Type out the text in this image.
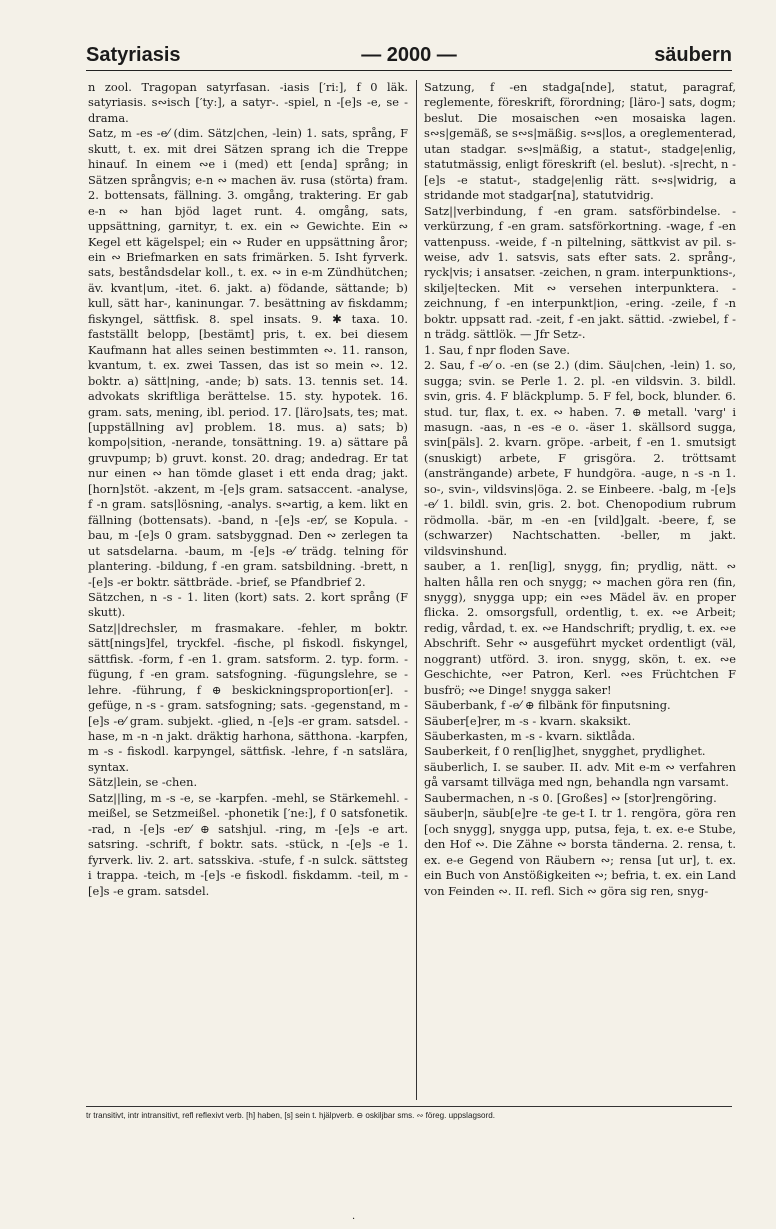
Satyriasis	— 2000 —	säubern

n zool. Tragopan satyrfasan. -iasis [′ri:], f 0 läk. satyriasis. s∾isch [′ty:], a satyr-. -spiel, n -[e]s -e, se -drama.

Satz, m -es -e⁄ (dim. Sätz|chen, -lein) 1. sats, språng, F skutt, t. ex. mit drei Sätzen sprang ich die Treppe hinauf. In einem ∾e i (med) ett [enda] språng; in Sätzen språngvis; e-n ∾ machen äv. rusa (störta) fram. 2. bottensats, fällning. 3. omgång, traktering. Er gab e-n ∾ han bjöd laget runt. 4. omgång, sats, uppsättning, garnityr, t. ex. ein ∾ Gewichte. Ein ∾ Kegel ett kägelspel; ein ∾ Ruder en uppsättning åror; ein ∾ Briefmarken en sats frimärken. 5. Isht fyrverk. sats, beståndsdelar koll., t. ex. ∾ in e-m Zündhütchen; äv. kvant|um, -itet. 6. jakt. a) födande, sättande; b) kull, sätt har-, kaninungar. 7. besättning av fiskdamm; fiskyngel, sättfisk. 8. spel insats. 9. ✱ taxa. 10. fastställt belopp, [bestämt] pris, t. ex. bei diesem Kaufmann hat alles seinen bestimmten ∾. 11. ranson, kvantum, t. ex. zwei Tassen, das ist so mein ∾. 12. boktr. a) sätt|ning, -ande; b) sats. 13. tennis set. 14. advokats skriftliga berättelse. 15. sty. hypotek. 16. gram. sats, mening, ibl. period. 17. [läro]sats, tes; mat. [uppställning av] problem. 18. mus. a) sats; b) kompo|sition, -nerande, tonsättning. 19. a) sättare på gruvpump; b) gruvt. konst. 20. drag; andedrag. Er tat nur einen ∾ han tömde glaset i ett enda drag; jakt. [horn]stöt. -akzent, m -[e]s gram. satsaccent. -analyse, f -n gram. sats|lösning, -analys. s∾artig, a kem. likt en fällning (bottensats). -band, n -[e]s -er⁄, se Kopula. -bau, m -[e]s 0 gram. satsbyggnad. Den ∾ zerlegen ta ut satsdelarna. -baum, m -[e]s -e⁄ trädg. telning för plantering. -bildung, f -en gram. satsbildning. -brett, n -[e]s -er boktr. sättbräde. -brief, se Pfandbrief 2.

Sätzchen, n -s - 1. liten (kort) sats. 2. kort språng (F skutt).

Satz||drechsler, m frasmakare. -fehler, m boktr. sätt[nings]fel, tryckfel. -fische, pl fiskodl. fiskyngel, sättfisk. -form, f -en 1. gram. satsform. 2. typ. form. -fügung, f -en gram. satsfogning. -fügungslehre, se -lehre. -führung, f ⊕ beskickningsproportion[er]. -gefüge, n -s - gram. satsfogning; sats. -gegenstand, m -[e]s -e⁄ gram. subjekt. -glied, n -[e]s -er gram. satsdel. -hase, m -n -n jakt. dräktig harhona, sätthona. -karpfen, m -s - fiskodl. karpyngel, sättfisk. -lehre, f -n satslära, syntax.

Sätz|lein, se -chen.

Satz||ling, m -s -e, se -karpfen. -mehl, se Stärkemehl. -meißel, se Setzmeißel. -phonetik [′ne:], f 0 satsfonetik. -rad, n -[e]s -er⁄ ⊕ satshjul. -ring, m -[e]s -e art. satsring. -schrift, f boktr. sats. -stück, n -[e]s -e 1. fyrverk. liv. 2. art. satsskiva. -stufe, f -n sulck. sättsteg i trappa. -teich, m -[e]s -e fiskodl. fiskdamm. -teil, m -[e]s -e gram. satsdel.

Satzung, f -en stadga[nde], statut, paragraf, reglemente, föreskrift, förordning; [läro-] sats, dogm; beslut. Die mosaischen ∾en mosaiska lagen. s∾s|gemäß, se s∾s|mäßig. s∾s|los, a oreglementerad, utan stadgar. s∾s|mäßig, a statut-, stadge|enlig, statutmässig, enligt föreskrift (el. beslut). -s|recht, n -[e]s -e statut-, stadge|enlig rätt. s∾s|widrig, a stridande mot stadgar[na], statutvidrig.

Satz||verbindung, f -en gram. satsförbindelse. -verkürzung, f -en gram. satsförkortning. -wage, f -en vattenpuss. -weide, f -n piltelning, sättkvist av pil. s-weise, adv 1. satsvis, sats efter sats. 2. språng-, ryck|vis; i ansatser. -zeichen, n gram. interpunktions-, skilje|tecken. Mit ∾ versehen interpunktera. -zeichnung, f -en interpunkt|ion, -ering. -zeile, f -n boktr. uppsatt rad. -zeit, f -en jakt. sättid. -zwiebel, f -n trädg. sättlök. — Jfr Setz-.

1. Sau, f npr floden Save.

2. Sau, f -e⁄ o. -en (se 2.) (dim. Säu|chen, -lein) 1. so, sugga; svin. se Perle 1. 2. pl. -en vildsvin. 3. bildl. svin, gris. 4. F bläckplump. 5. F fel, bock, blunder. 6. stud. tur, flax, t. ex. ∾ haben. 7. ⊕ metall. 'varg' i masugn. -aas, n -es -e o. -äser 1. skällsord sugga, svin[päls]. 2. kvarn. gröpe. -arbeit, f -en 1. smutsigt (snuskigt) arbete, F grisgöra. 2. tröttsamt (ansträngande) arbete, F hundgöra. -auge, n -s -n 1. so-, svin-, vildsvins|öga. 2. se Einbeere. -balg, m -[e]s -e⁄ 1. bildl. svin, gris. 2. bot. Chenopodium rubrum rödmolla. -bär, m -en -en [vild]galt. -beere, f, se (schwarzer) Nachtschatten. -beller, m jakt. vildsvinshund.

sauber, a 1. ren[lig], snygg, fin; prydlig, nätt. ∾ halten hålla ren och snygg; ∾ machen göra ren (fin, snygg), snygga upp; ein ∾es Mädel äv. en proper flicka. 2. omsorgsfull, ordentlig, t. ex. ∾e Arbeit; redig, vårdad, t. ex. ∾e Handschrift; prydlig, t. ex. ∾e Abschrift. Sehr ∾ ausgeführt mycket ordentligt (väl, noggrant) utförd. 3. iron. snygg, skön, t. ex. ∾e Geschichte, ∾er Patron, Kerl. ∾es Früchtchen F busfrö; ∾e Dinge! snygga saker!

Säuberbank, f -e⁄ ⊕ filbänk för finputsning.

Säuber[e]rer, m -s - kvarn. skaksikt.

Säuberkasten, m -s - kvarn. siktlåda.

Sauberkeit, f 0 ren[lig]het, snygghet, prydlighet.

säuberlich, I. se sauber. II. adv. Mit e-m ∾ verfahren gå varsamt tillväga med ngn, behandla ngn varsamt.

Saubermachen, n -s 0. [Großes] ∾ [stor]rengöring.

säuber|n, säub[e]re -te ge-t I. tr 1. rengöra, göra ren [och snygg], snygga upp, putsa, feja, t. ex. e-e Stube, den Hof ∾. Die Zähne ∾ borsta tänderna. 2. rensa, t. ex. e-e Gegend von Räubern ∾; rensa [ut ur], t. ex. ein Buch von Anstößigkeiten ∾; befria, t. ex. ein Land von Feinden ∾. II. refl. Sich ∾ göra sig ren, snyg-

tr transitivt, intr intransitivt, refl reflexivt verb. [h] haben, [s] sein t. hjälpverb. ⊖ oskiljbar sms. ∾ föreg. uppslagsord.
·
